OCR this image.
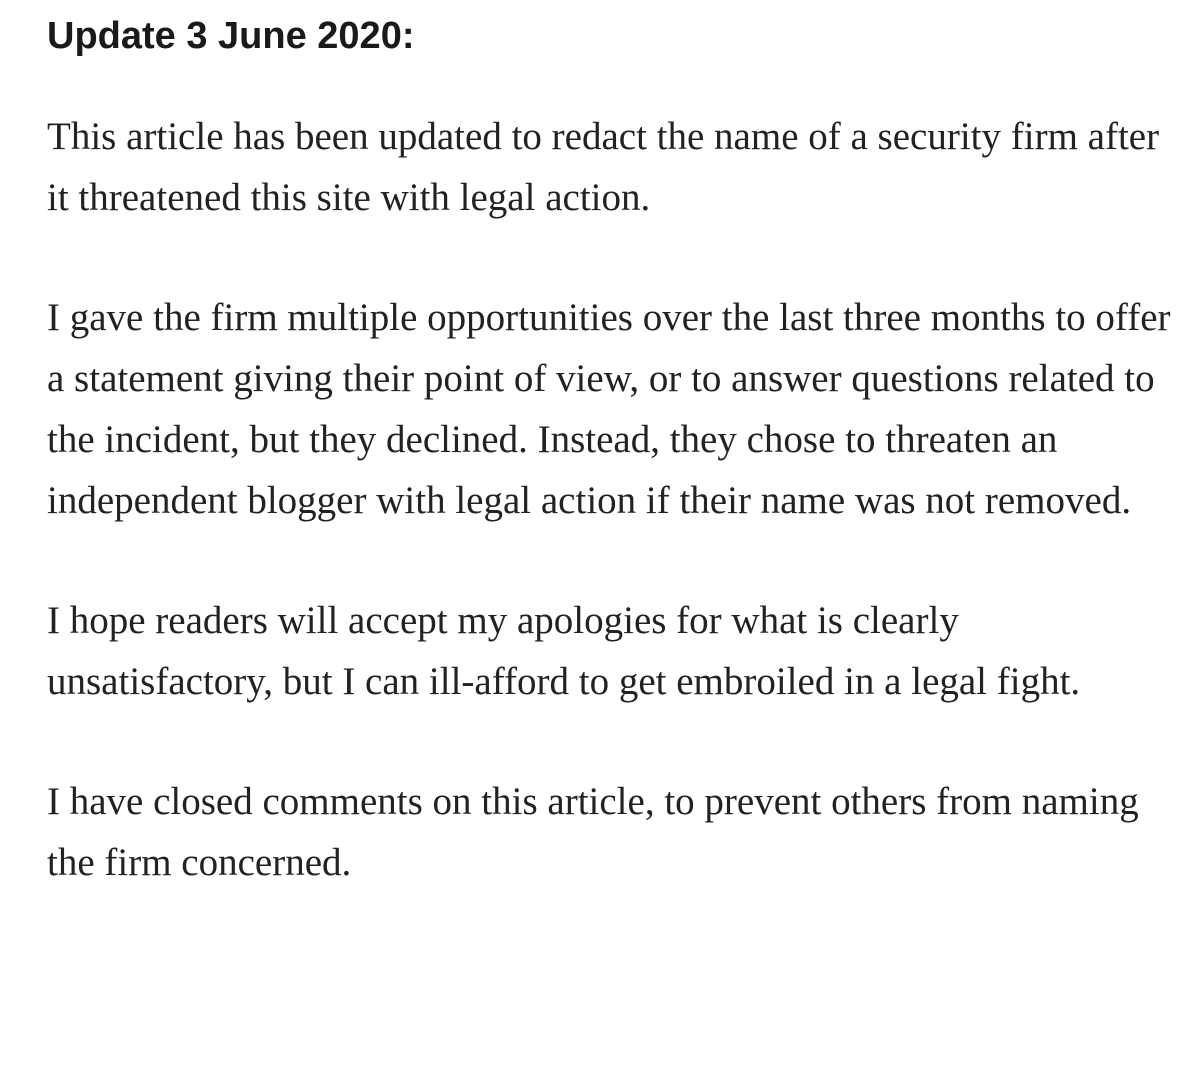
Update 3 June 2020:

This article has been updated to redact the name of a security firm after it threatened this site with legal action.

I gave the firm multiple opportunities over the last three months to offer a statement giving their point of view, or to answer questions related to the incident, but they declined. Instead, they chose to threaten an independent blogger with legal action if their name was not removed.

I hope readers will accept my apologies for what is clearly unsatisfactory, but I can ill-afford to get embroiled in a legal fight.

I have closed comments on this article, to prevent others from naming the firm concerned.
